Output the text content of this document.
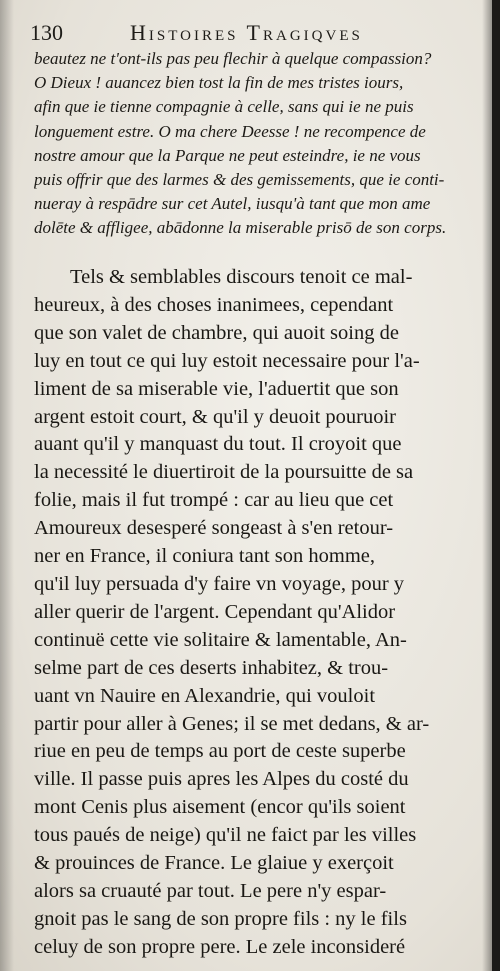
130	Histoires Tragiqves
beautez ne t'ont-ils pas peu flechir à quelque compassion?
O Dieux ! auancez bien tost la fin de mes tristes iours,
afin que ie tienne compagnie à celle, sans qui ie ne puis
longuement estre. O ma chere Deesse ! ne recompence de
nostre amour que la Parque ne peut esteindre, ie ne vous
puis offrir que des larmes & des gemissements, que ie conti-
nueray à respādre sur cet Autel, iusqu'à tant que mon ame
dolēte & affligee, abādonne la miserable prisō de son corps.
Tels & semblables discours tenoit ce mal-
heureux, à des choses inanimees, cependant
que son valet de chambre, qui auoit soing de
luy en tout ce qui luy estoit necessaire pour l'a-
liment de sa miserable vie, l'aduertit que son
argent estoit court, & qu'il y deuoit pouruoir
auant qu'il y manquast du tout. Il croyoit que
la necessité le diuertiroit de la poursuitte de sa
folie, mais il fut trompé : car au lieu que cet
Amoureux desesperé songeast à s'en retour-
ner en France, il coniura tant son homme,
qu'il luy persuada d'y faire vn voyage, pour y
aller querir de l'argent. Cependant qu'Alidor
continuë cette vie solitaire & lamentable, An-
selme part de ces deserts inhabitez, & trou-
uant vn Nauire en Alexandrie, qui vouloit
partir pour aller à Genes; il se met dedans, & ar-
riue en peu de temps au port de ceste superbe
ville. Il passe puis apres les Alpes du costé du
mont Cenis plus aisement (encor qu'ils soient
tous paués de neige) qu'il ne faict par les villes
& prouinces de France. Le glaiue y exerçoit
alors sa cruauté par tout. Le pere n'y espar-
gnoit pas le sang de son propre fils : ny le fils
celuy de son propre pere. Le zele inconsideré
